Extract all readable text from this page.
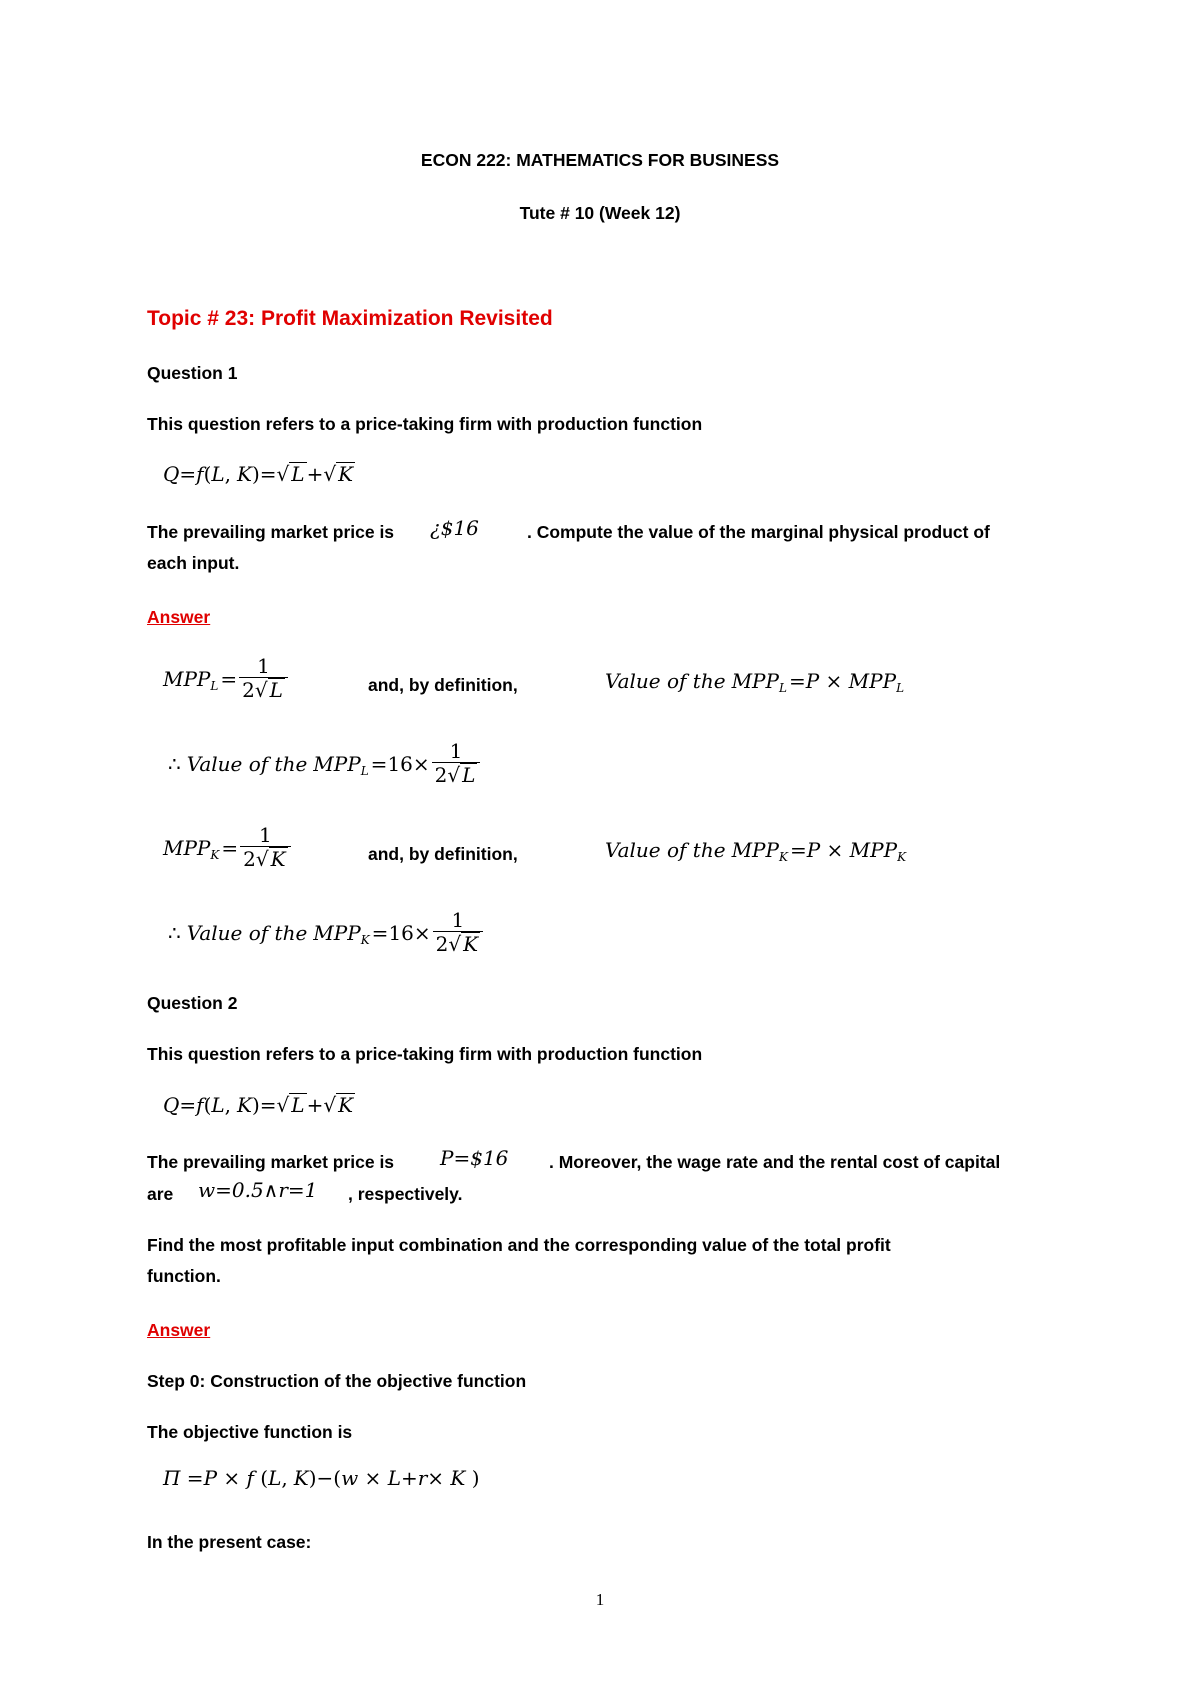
ECON 222: MATHEMATICS FOR BUSINESS
Tute # 10 (Week 12)
Topic # 23: Profit Maximization Revisited
Question 1
This question refers to a price-taking firm with production function
Q = f ( L , K )= √ L + √ K
The prevailing market price is ¿$16	. Compute the value of the marginal physical product of
each input.
Answer
MPP $L = \frac{1}{2 √ L}$	and, by definition,	Value of the MPP L = P × MPP L
∴ Value of the MPP $L = 16 \times \frac{1}{2 √ L}$
MPP $K = \frac{1}{2 √ K}$	and, by definition,	Value of the MPP K = P × MPP K
∴ Value of the MPP $K = 16 \times \frac{1}{2 √ K}$
Question 2
This question refers to a price-taking firm with production function
Q = f ( L , K )= √ L + √ K
The prevailing market price is P=$16 . Moreover, the wage rate and the rental cost of capital
are w=0.5∧r=1 , respectively.
Find the most profitable input combination and the corresponding value of the total profit
function.
Answer
Step 0: Construction of the objective function
The objective function is
Π = P × f ( L , K )−( w × L + r × K )
In the present case:
1
